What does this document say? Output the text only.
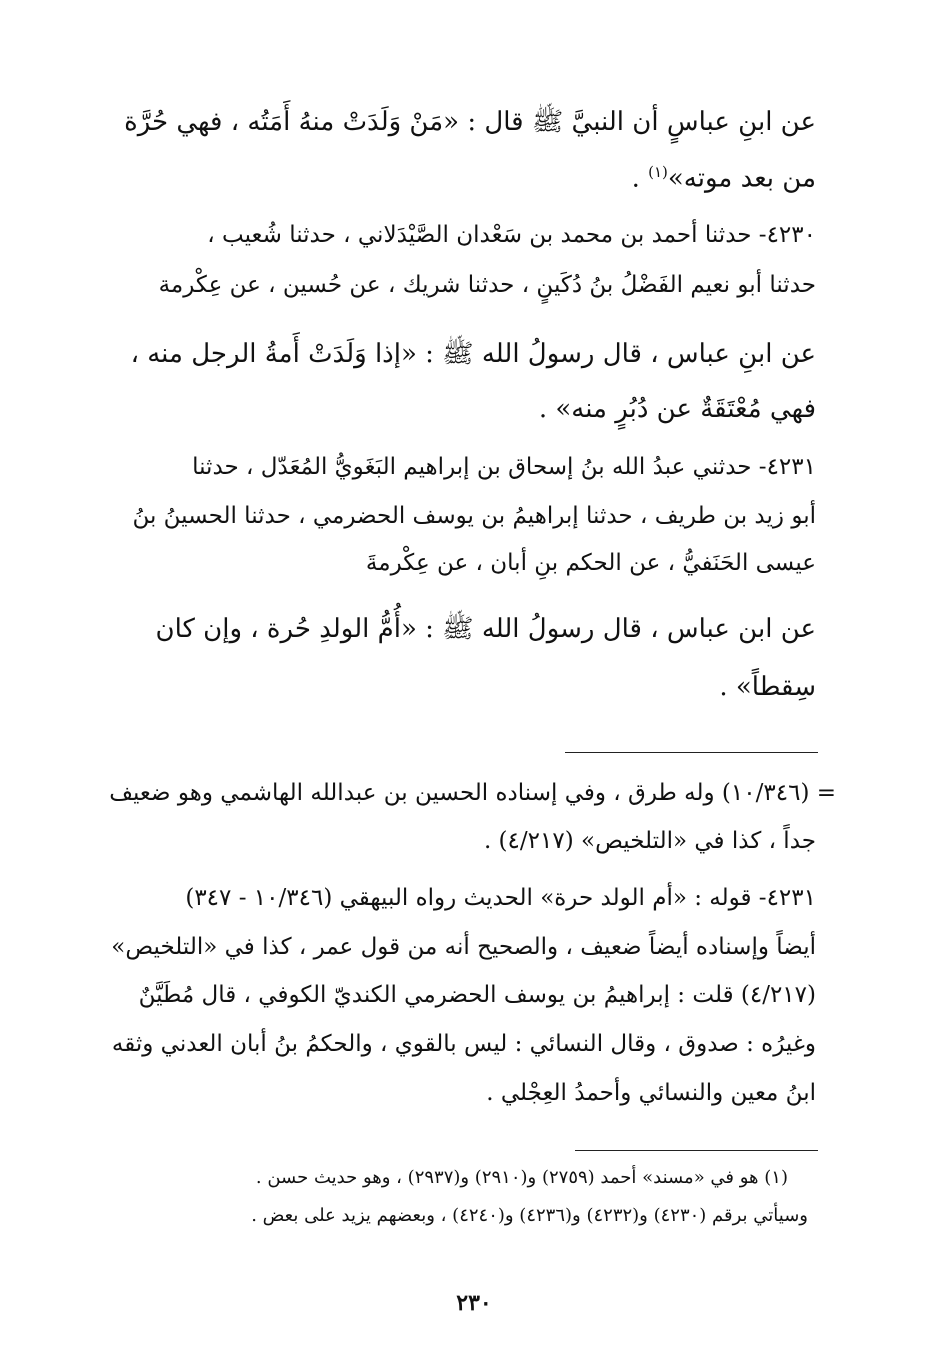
عن ابنِ عباسٍ أن النبيَّ ﷺ قال : «مَنْ وَلَدَتْ منهُ أَمَتُه ، فهي حُرَّة
من بعد موته»$^{(١)}$ .
٤٢٣٠- حدثنا أحمد بن محمد بن سَعْدان الصَّيْدَلاني ، حدثنا شُعيب ،
حدثنا أبو نعيم الفَضْلُ بنُ دُكَينٍ ، حدثنا شريك ، عن حُسين ، عن عِكْرمة
عن ابنِ عباس ، قال رسولُ الله ﷺ : «إذا وَلَدَتْ أَمةُ الرجل منه ،
فهي مُعْتَقَةٌ عن دُبُرٍ منه» .
٤٢٣١- حدثني عبدُ الله بنُ إسحاق بن إبراهيم البَغَويُّ المُعَدّل ، حدثنا
أبو زيد بن طريف ، حدثنا إبراهيمُ بن يوسف الحضرمي ، حدثنا الحسينُ بنُ
عيسى الحَنَفيُّ ، عن الحكم بنِ أبان ، عن عِكْرمةَ
عن ابن عباس ، قال رسولُ الله ﷺ : «أُمُّ الولدِ حُرة ، وإن كان
سِقطاً» .
= (١٠/٣٤٦) وله طرق ، وفي إسناده الحسين بن عبدالله الهاشمي وهو ضعيف
جداً ، كذا في «التلخيص» (٤/٢١٧) .
٤٢٣١- قوله : «أم الولد حرة» الحديث رواه البيهقي (١٠/٣٤٦ - ٣٤٧)
أيضاً وإسناده أيضاً ضعيف ، والصحيح أنه من قول عمر ، كذا في «التلخيص»
(٤/٢١٧) قلت : إبراهيمُ بن يوسف الحضرمي الكنديّ الكوفي ، قال مُطَيَّنٌ
وغيرُه : صدوق ، وقال النسائي : ليس بالقوي ، والحكمُ بنُ أبان العدني وثقه
ابنُ معين والنسائي وأحمدُ العِجْلي .
(١) هو في «مسند» أحمد (٢٧٥٩) و(٢٩١٠) و(٢٩٣٧) ، وهو حديث حسن .
وسيأتي برقم (٤٢٣٠) و(٤٢٣٢) و(٤٢٣٦) و(٤٢٤٠) ، وبعضهم يزيد على بعض .
٢٣٠
